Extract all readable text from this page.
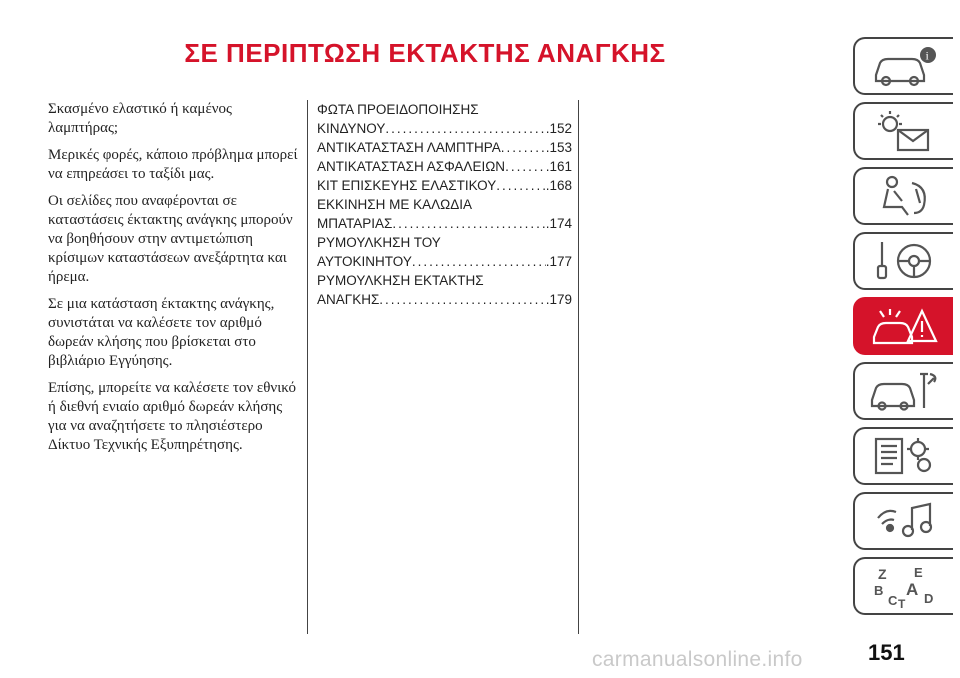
ΣΕ ΠΕΡΙΠΤΩΣΗ ΕΚΤΑΚΤΗΣ ΑΝΑΓΚΗΣ

Σκασμένο ελαστικό ή καμένος λαμπτήρας;

Μερικές φορές, κάποιο πρόβλημα μπορεί να επηρεάσει το ταξίδι μας.

Οι σελίδες που αναφέρονται σε καταστάσεις έκτακτης ανάγκης μπορούν να βοηθήσουν στην αντιμετώπιση κρίσιμων καταστάσεων ανεξάρτητα και ήρεμα.

Σε μια κατάσταση έκτακτης ανάγκης, συνιστάται να καλέσετε τον αριθμό δωρεάν κλήσης που βρίσκεται στο βιβλιάριο Εγγύησης.

Επίσης, μπορείτε να καλέσετε τον εθνικό ή διεθνή ενιαίο αριθμό δωρεάν κλήσης για να αναζητήσετε το πλησιέστερο Δίκτυο Τεχνικής Εξυπηρέτησης.

ΦΩΤΑ ΠΡΟΕΙΔΟΠΟΙΗΣΗΣ
ΚΙΝΔΥΝΟΥ .....	.152
ΑΝΤΙΚΑΤΑΣΤΑΣΗ ΛΑΜΠΤΗΡΑ .....	.153
ΑΝΤΙΚΑΤΑΣΤΑΣΗ ΑΣΦΑΛΕΙΩΝ .....	.161
ΚΙΤ ΕΠΙΣΚΕΥΗΣ ΕΛΑΣΤΙΚΟΥ .....	.168
ΕΚΚΙΝΗΣΗ ΜΕ ΚΑΛΩΔΙΑ
ΜΠΑΤΑΡΙΑΣ .....	.174
ΡΥΜΟΥΛΚΗΣΗ ΤΟΥ
ΑΥΤΟΚΙΝΗΤΟΥ .....	.177
ΡΥΜΟΥΛΚΗΣΗ ΕΚΤΑΚΤΗΣ
ΑΝΑΓΚΗΣ .....	.179
i
Z E
B A
C D
T
151
carmanualsonline.info
